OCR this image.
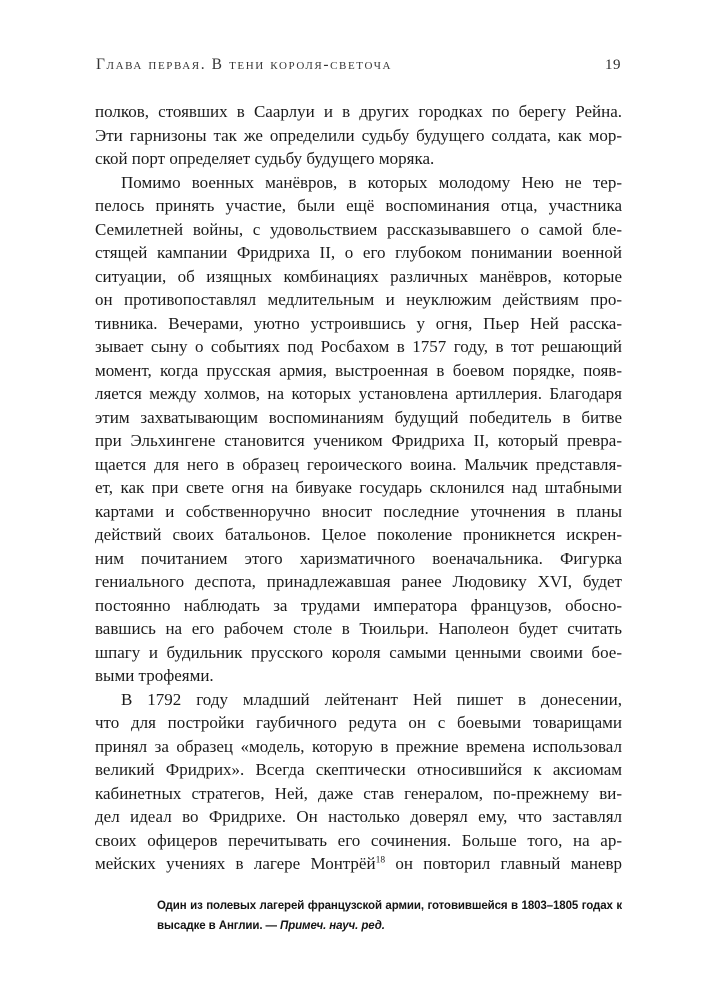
Глава первая. В тени короля-светоча	19
полков, стоявших в Саарлуи и в других городках по берегу Рейна.
Эти гарнизоны так же определили судьбу будущего солдата, как мор-
ской порт определяет судьбу будущего моряка.
Помимо военных манёвров, в которых молодому Нею не тер-
пелось принять участие, были ещё воспоминания отца, участника
Семилетней войны, с удовольствием рассказывавшего о самой бле-
стящей кампании Фридриха II, о его глубоком понимании военной
ситуации, об изящных комбинациях различных манёвров, которые
он противопоставлял медлительным и неуклюжим действиям про-
тивника. Вечерами, уютно устроившись у огня, Пьер Ней расска-
зывает сыну о событиях под Росбахом в 1757 году, в тот решающий
момент, когда прусская армия, выстроенная в боевом порядке, появ-
ляется между холмов, на которых установлена артиллерия. Благодаря
этим захватывающим воспоминаниям будущий победитель в битве
при Эльхингене становится учеником Фридриха II, который превра-
щается для него в образец героического воина. Мальчик представля-
ет, как при свете огня на бивуаке государь склонился над штабными
картами и собственноручно вносит последние уточнения в планы
действий своих батальонов. Целое поколение проникнется искрен-
ним почитанием этого харизматичного военачальника. Фигурка
гениального деспота, принадлежавшая ранее Людовику XVI, будет
постоянно наблюдать за трудами императора французов, обосно-
вавшись на его рабочем столе в Тюильри. Наполеон будет считать
шпагу и будильник прусского короля самыми ценными своими бое-
выми трофеями.
В 1792 году младший лейтенант Ней пишет в донесении,
что для постройки гаубичного редута он с боевыми товарищами
принял за образец «модель, которую в прежние времена использовал
великий Фридрих». Всегда скептически относившийся к аксиомам
кабинетных стратегов, Ней, даже став генералом, по-прежнему ви-
дел идеал во Фридрихе. Он настолько доверял ему, что заставлял
своих офицеров перечитывать его сочинения. Больше того, на ар-
мейских учениях в лагере Монтрёй$^{18}$ он повторил главный маневр
Один из полевых лагерей французской армии, готовившейся в 1803–1805 годах к высадке в Англии. — Примеч. науч. ред.
